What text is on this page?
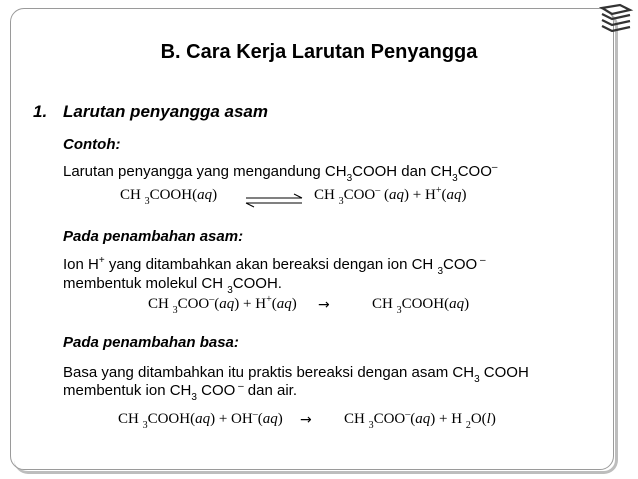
B. Cara Kerja Larutan Penyangga
1. Larutan penyangga asam
Contoh:
Larutan penyangga yang mengandung $CH_3COOH$ dan $CH_3COO^-$
CH $_3$COOH(aq) ⇌ CH $_3$COO– (aq) + H+(aq)
Pada penambahan asam:
Ion H+ yang ditambahkan akan bereaksi dengan ion CH $_3$COO –
membentuk molekul CH $_3$COOH.
CH $_3$COO–(aq) + H+(aq) →	CH $_3$COOH(aq)
Pada penambahan basa:
Basa yang ditambahkan itu praktis bereaksi dengan asam $CH_3$ COOH
membentuk ion $CH_3$ COO – dan air.
CH $_3$COOH(aq) + OH–(aq) → CH $_3$COO–(aq) + H $_2$O(l)
